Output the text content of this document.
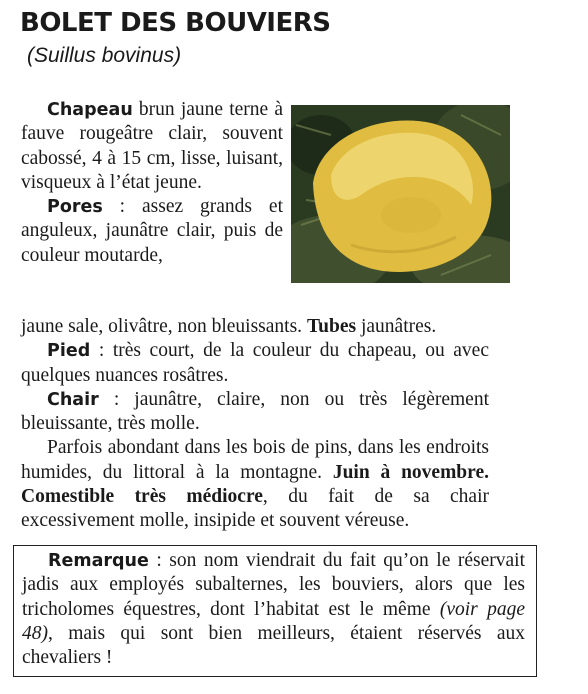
BOLET DES BOUVIERS
(Suillus bovinus)

Chapeau brun jaune terne à fauve rougeâtre clair, souvent cabossé, 4 à 15 cm, lisse, luisant, visqueux à l’état jeune.

Pores : assez grands et anguleux, jaunâtre clair, puis de couleur moutarde,

jaune sale, olivâtre, non bleuissants. Tubes jaunâtres.

Pied : très court, de la couleur du chapeau, ou avec quelques nuances rosâtres.

Chair : jaunâtre, claire, non ou très légèrement bleuissante, très molle.

Parfois abondant dans les bois de pins, dans les endroits humides, du littoral à la montagne. Juin à novembre. Comestible très médiocre, du fait de sa chair excessivement molle, insipide et souvent véreuse.

Remarque : son nom viendrait du fait qu’on le réservait jadis aux employés subalternes, les bouviers, alors que les tricholomes équestres, dont l’habitat est le même (voir page 48), mais qui sont bien meilleurs, étaient réservés aux chevaliers !
